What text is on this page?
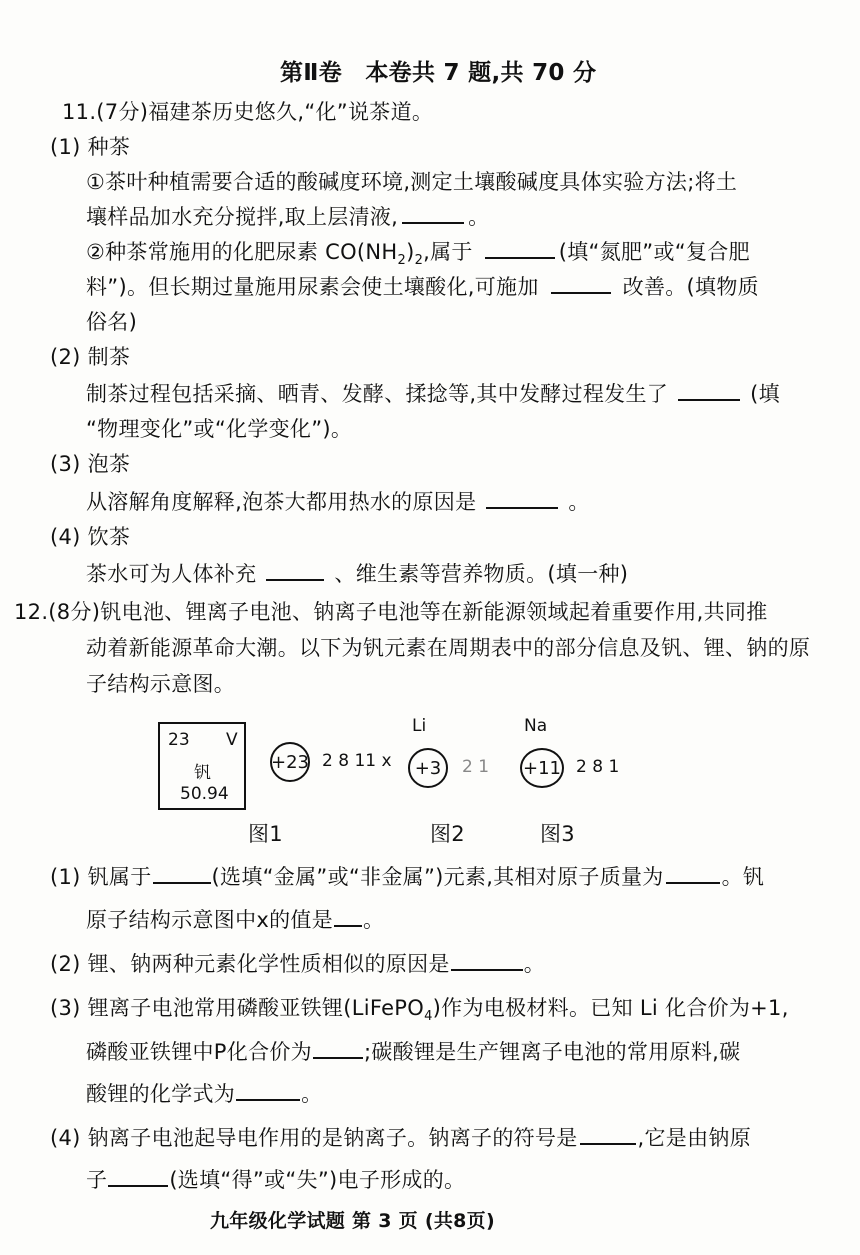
第Ⅱ卷　本卷共 7 题,共 70 分
11.(7分)福建茶历史悠久,“化”说茶道。
(1) 种茶
①茶叶种植需要合适的酸碱度环境,测定土壤酸碱度具体实验方法;将土
壤样品加水充分搅拌,取上层清液,	。
②种茶常施用的化肥尿素 $CO(NH_2)_2$,属于	(填“氮肥”或“复合肥
料”)。但长期过量施用尿素会使土壤酸化,可施加	改善。(填物质
俗名)
(2) 制茶
制茶过程包括采摘、晒青、发酵、揉捻等,其中发酵过程发生了	(填
“物理变化”或“化学变化”)。
(3) 泡茶
从溶解角度解释,泡茶大都用热水的原因是	。
(4) 饮茶
茶水可为人体补充	、维生素等营养物质。(填一种)
12.(8分)钒电池、锂离子电池、钠离子电池等在新能源领域起着重要作用,共同推
动着新能源革命大潮。以下为钒元素在周期表中的部分信息及钒、锂、钠的原
子结构示意图。
23 V
钒
50.94
+23 2 8 11 x
Li
+3	2 1
Na
+11 2 8 1
图1	图2	图3
(1) 钒属于	(选填“金属”或“非金属”)元素,其相对原子质量为	。钒
原子结构示意图中x的值是 。
(2) 锂、钠两种元素化学性质相似的原因是	。
(3) 锂离子电池常用磷酸亚铁锂(LiFePO$_4$)作为电极材料。已知 Li 化合价为+1,
磷酸亚铁锂中P化合价为 ;碳酸锂是生产锂离子电池的常用原料,碳
酸锂的化学式为	。
(4) 钠离子电池起导电作用的是钠离子。钠离子的符号是	,它是由钠原
子	(选填“得”或“失”)电子形成的。
九年级化学试题 第 3 页 (共8页)
